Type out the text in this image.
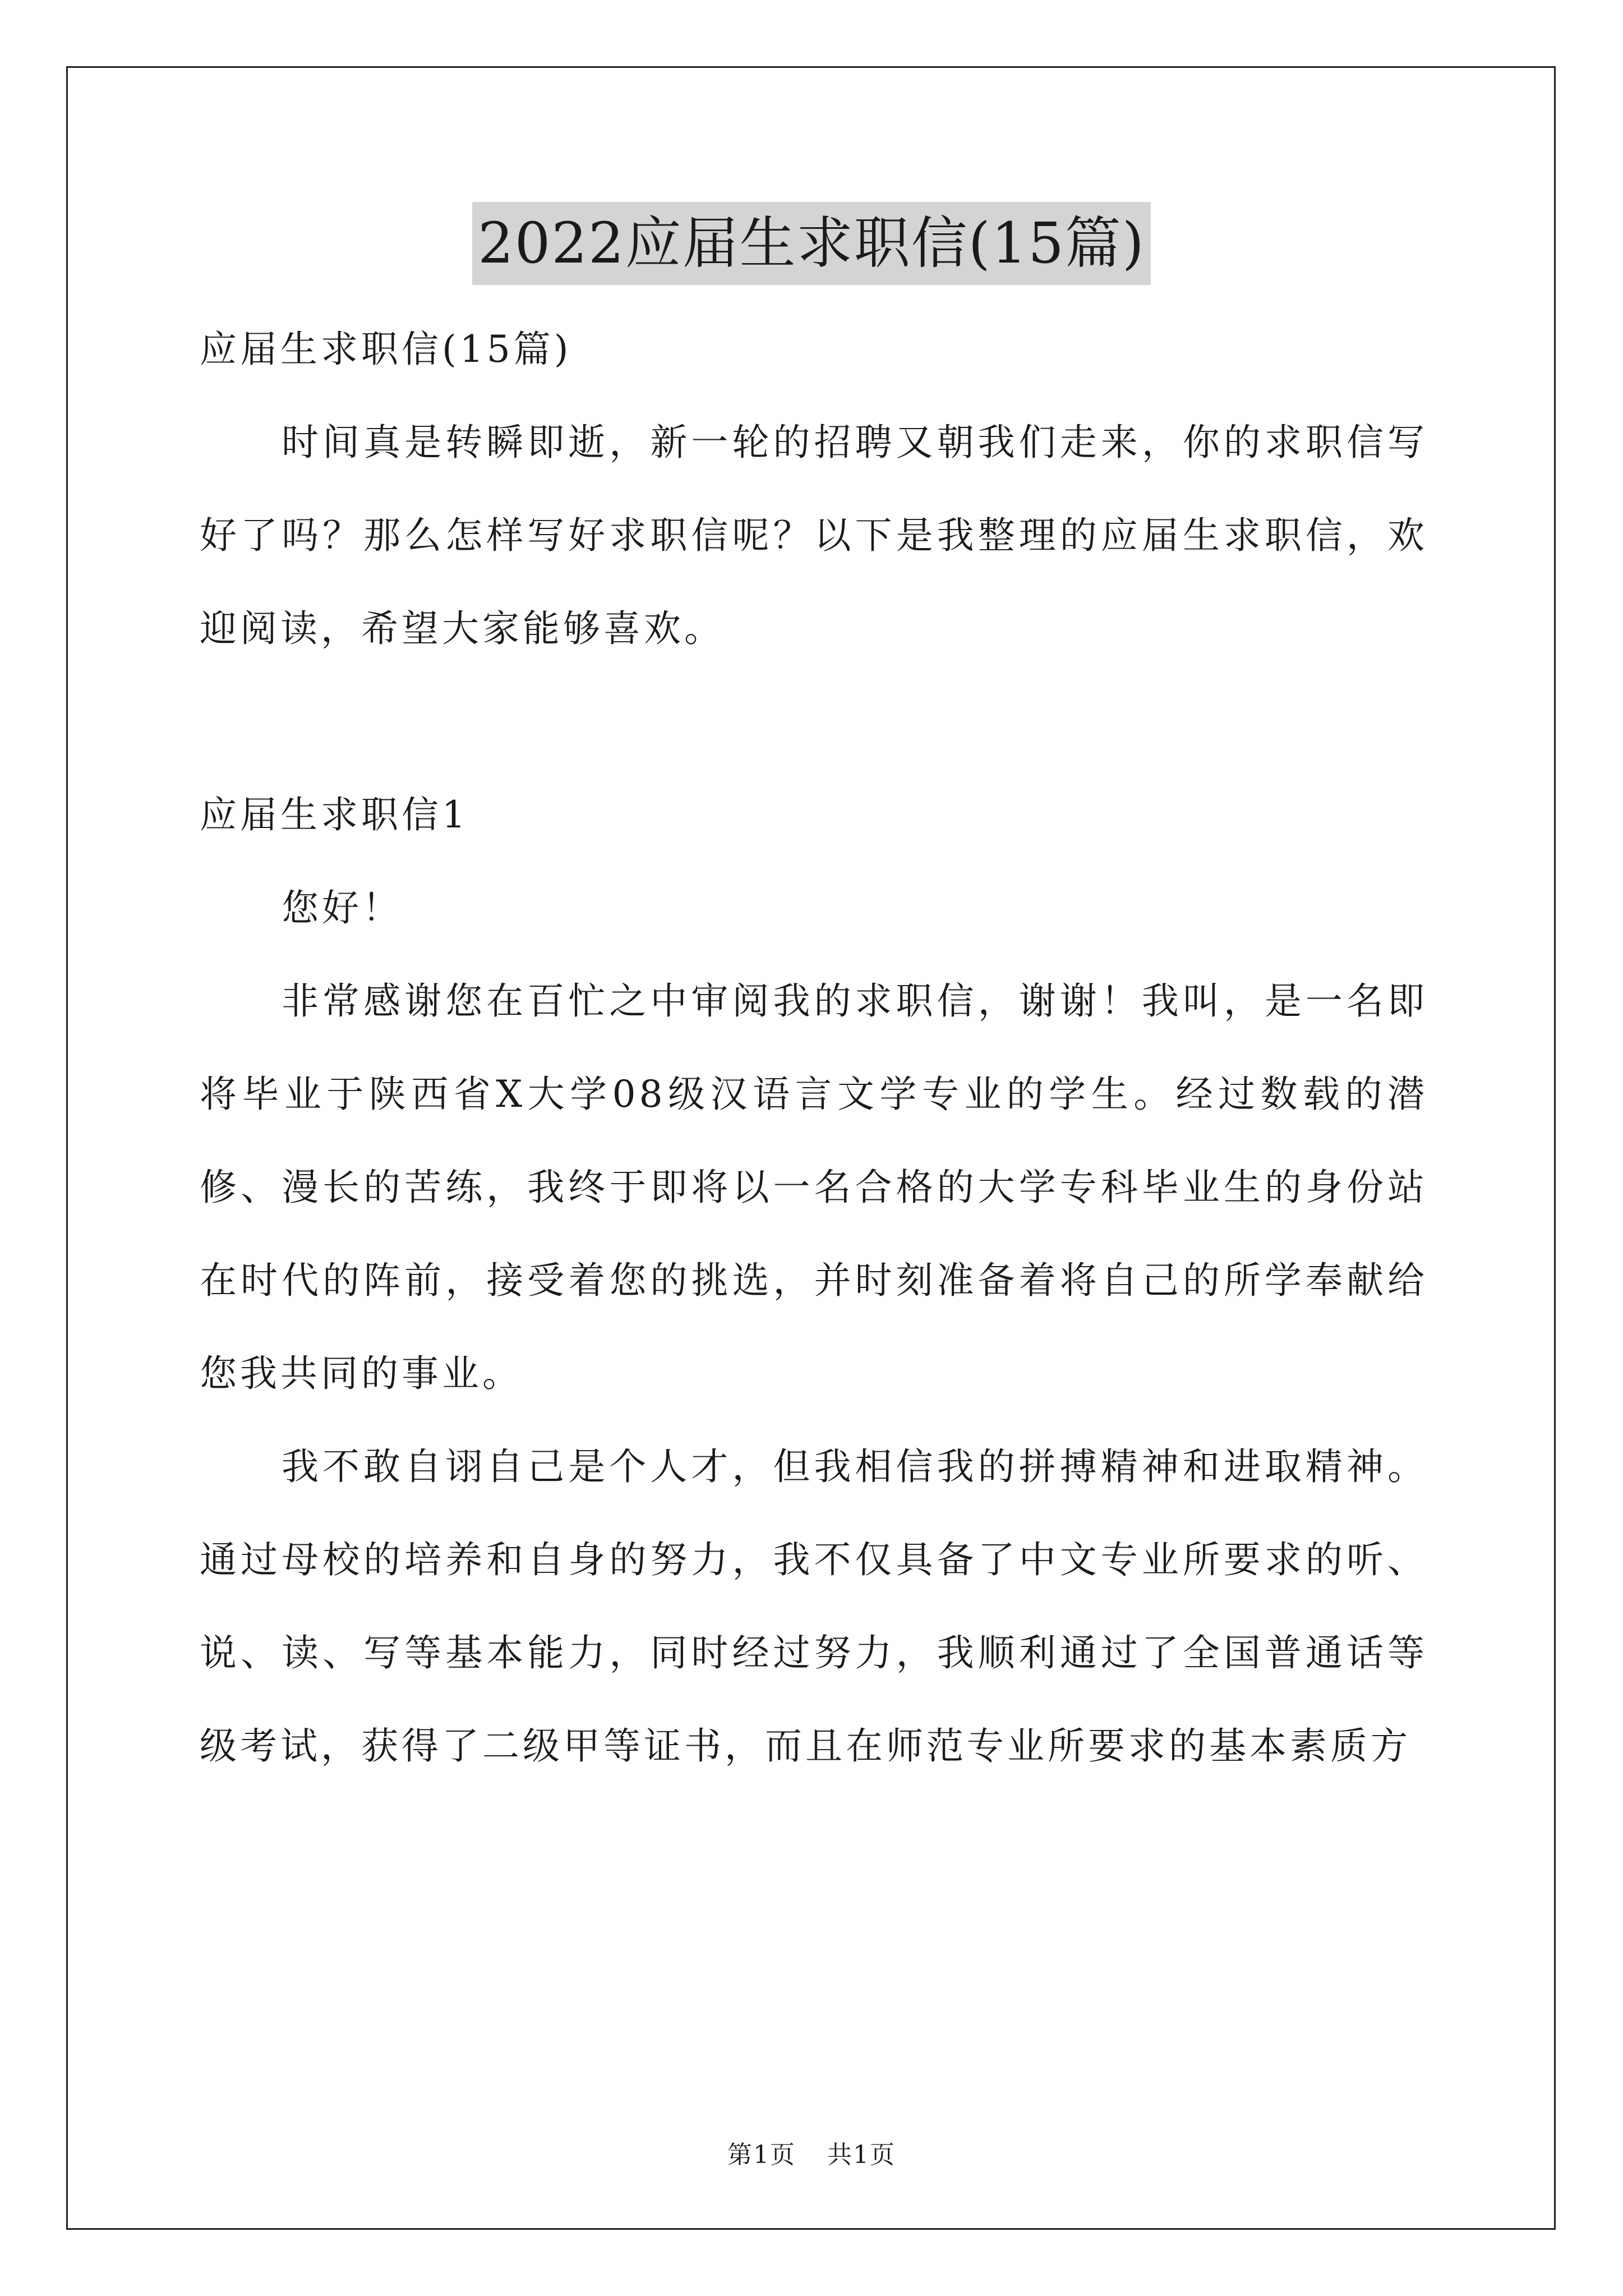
2022应届生求职信(15篇)

应届生求职信(15篇)

时间真是转瞬即逝，新一轮的招聘又朝我们走来，你的求职信写好了吗？那么怎样写好求职信呢？以下是我整理的应届生求职信，欢迎阅读，希望大家能够喜欢。

应届生求职信1

您好！

非常感谢您在百忙之中审阅我的求职信，谢谢！我叫，是一名即将毕业于陕西省X大学08级汉语言文学专业的学生。经过数载的潜修、漫长的苦练，我终于即将以一名合格的大学专科毕业生的身份站在时代的阵前，接受着您的挑选，并时刻准备着将自己的所学奉献给您我共同的事业。

我不敢自诩自己是个人才，但我相信我的拼搏精神和进取精神。通过母校的培养和自身的努力，我不仅具备了中文专业所要求的听、说、读、写等基本能力，同时经过努力，我顺利通过了全国普通话等级考试，获得了二级甲等证书，而且在师范专业所要求的基本素质方

第1页 共1页
